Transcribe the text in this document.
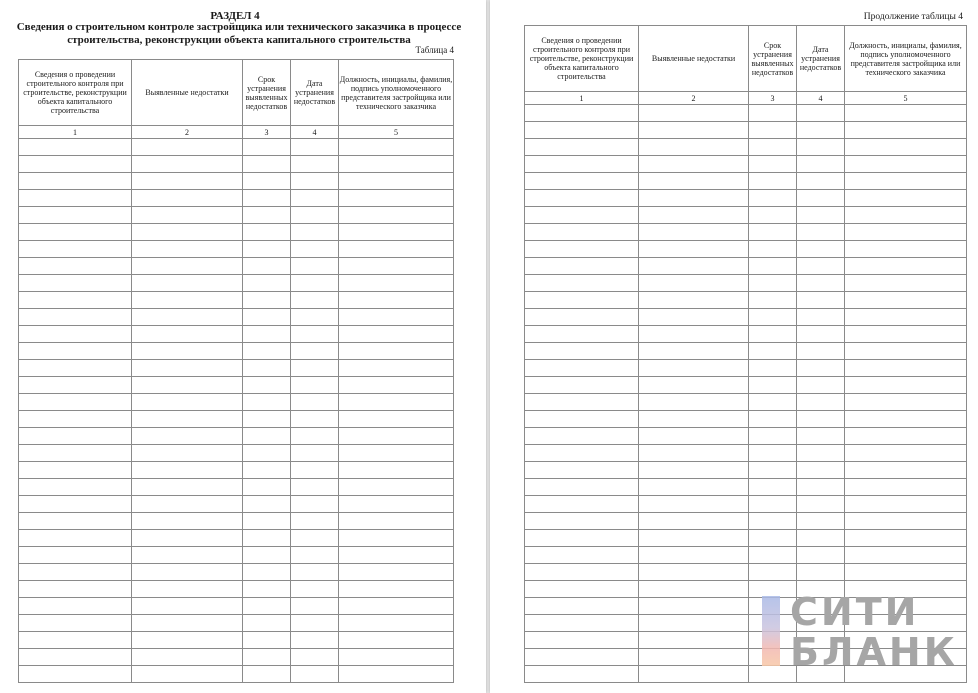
РАЗДЕЛ 4
Сведения о строительном контроле застройщика или технического заказчика в процессе строительства, реконструкции объекта капитального строительства
Таблица 4
Сведения о проведении строительного контроля при строительстве, реконструкции объекта капитального строительства	Выявленные недостатки	Срок устранения выявленных недостатков	Дата устранения недостатков	Должность, инициалы, фамилия, подпись уполномоченного представителя застройщика или технического заказчика
1	2	3	4	5

Продолжение таблицы 4
Сведения о проведении строительного контроля при строительстве, реконструкции объекта капитального строительства	Выявленные недостатки	Срок устранения выявленных недостатков	Дата устранения недостатков	Должность, инициалы, фамилия, подпись уполномоченного представителя застройщика или технического заказчика
1	2	3	4	5

СИТИ
БЛАНК
